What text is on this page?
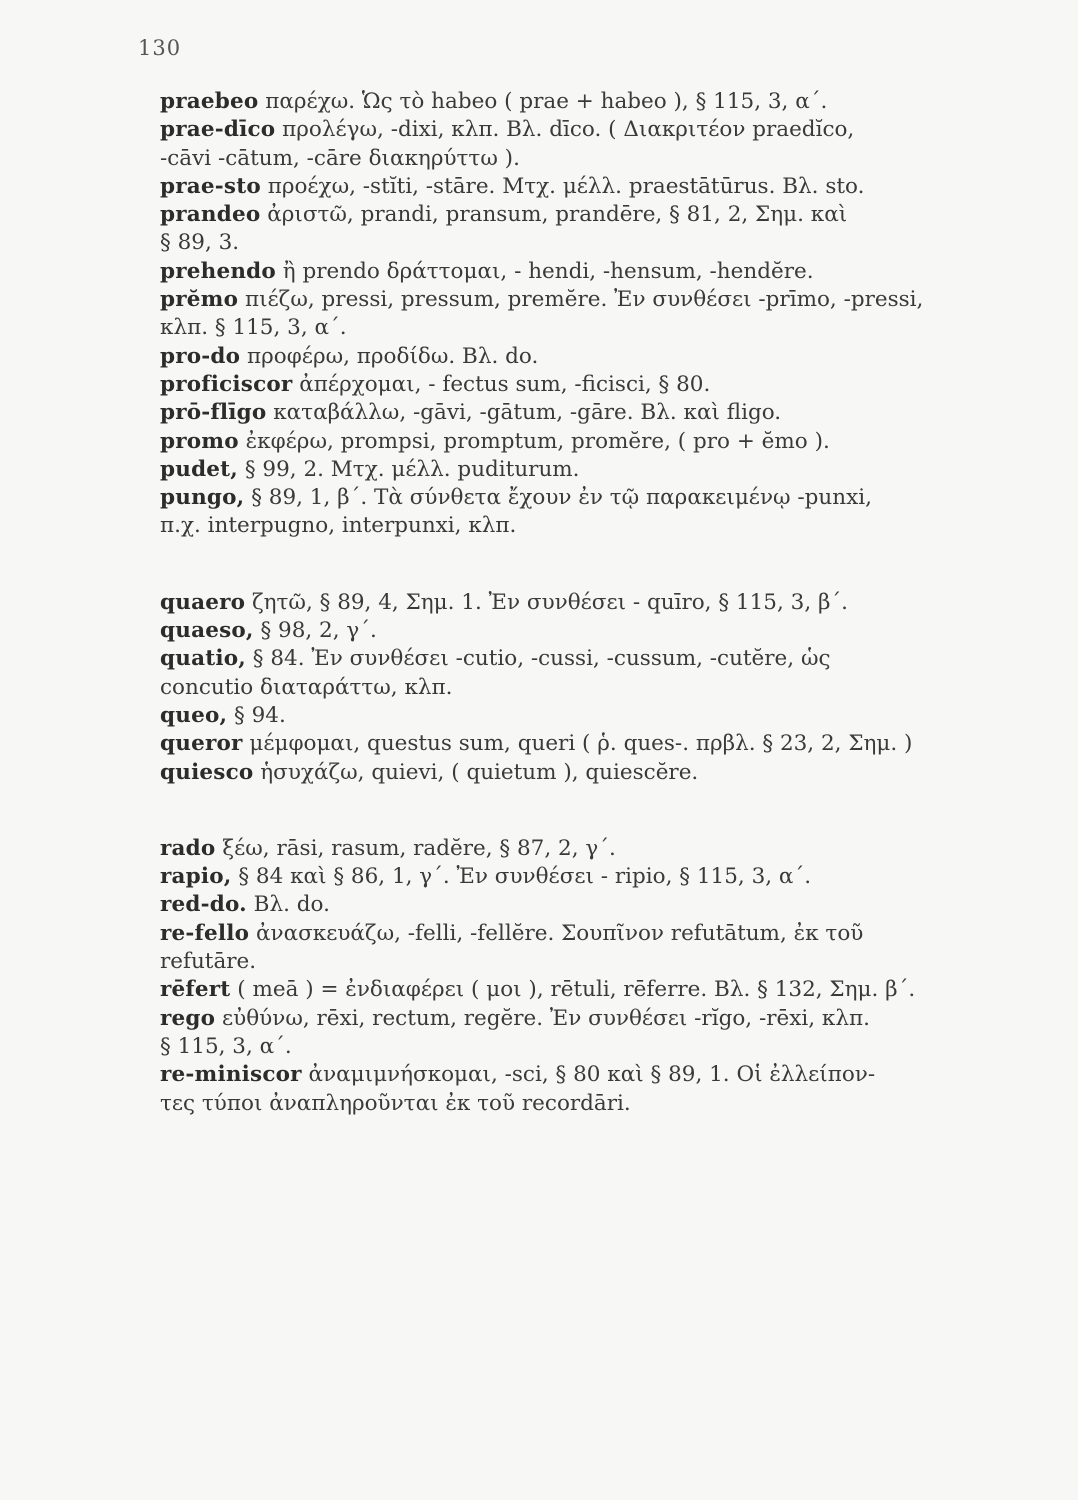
130
praebeo παρέχω. Ὡς τὸ habeo ( prae + habeo ), § 115, 3, α΄.
prae-dīco προλέγω, -dixi, κλπ. Βλ. dīco. ( Διακριτέον praedĭco,
-cāvi -cātum, -cāre διακηρύττω ).
prae-sto προέχω, -stĭti, -stāre. Μτχ. μέλλ. praestātūrus. Βλ. sto.
prandeo ἀριστῶ, prandi, pransum, prandēre, § 81, 2, Σημ. καὶ
§ 89, 3.
prehendo ἢ prendo δράττομαι, - hendi, -hensum, -hendĕre.
prĕmo πιέζω, pressi, pressum, premĕre. Ἐν συνθέσει -prīmo, -pressi,
κλπ. § 115, 3, α΄.
pro-do προφέρω, προδίδω. Βλ. do.
proficiscor ἀπέρχομαι, - fectus sum, -ficisci, § 80.
prō-flīgo καταβάλλω, -gāvi, -gātum, -gāre. Βλ. καὶ fligo.
promo ἐκφέρω, prompsi, promptum, promĕre, ( pro + ĕmo ).
pudet, § 99, 2. Μτχ. μέλλ. puditurum.
pungo, § 89, 1, β΄. Τὰ σύνθετα ἔχουν ἐν τῷ παρακειμένῳ -punxi,
π.χ. interpugno, interpunxi, κλπ.
quaero ζητῶ, § 89, 4, Σημ. 1. Ἐν συνθέσει - quīro, § 115, 3, β΄.
quaeso, § 98, 2, γ΄.
quatio, § 84. Ἐν συνθέσει -cutio, -cussi, -cussum, -cutĕre, ὡς
concutio διαταράττω, κλπ.
queo, § 94.
queror μέμφομαι, questus sum, queri ( ῥ. ques-. πρβλ. § 23, 2, Σημ. )
quiesco ἡσυχάζω, quievi, ( quietum ), quiescĕre.
rado ξέω, rāsi, rasum, radĕre, § 87, 2, γ΄.
rapio, § 84 καὶ § 86, 1, γ΄. Ἐν συνθέσει - ripio, § 115, 3, α΄.
red-do. Βλ. do.
re-fello ἀνασκευάζω, -felli, -fellĕre. Σουπῖνον refutātum, ἐκ τοῦ
refutāre.
rēfert ( meā ) = ἐνδιαφέρει ( μοι ), rētuli, rēferre. Βλ. § 132, Σημ. β΄.
rego εὐθύνω, rēxi, rectum, regĕre. Ἐν συνθέσει -rĭgo, -rēxi, κλπ.
§ 115, 3, α΄.
re-miniscor ἀναμιμνήσκομαι, -sci, § 80 καὶ § 89, 1. Οἱ ἐλλείπον-
τες τύποι ἀναπληροῦνται ἐκ τοῦ recordāri.
